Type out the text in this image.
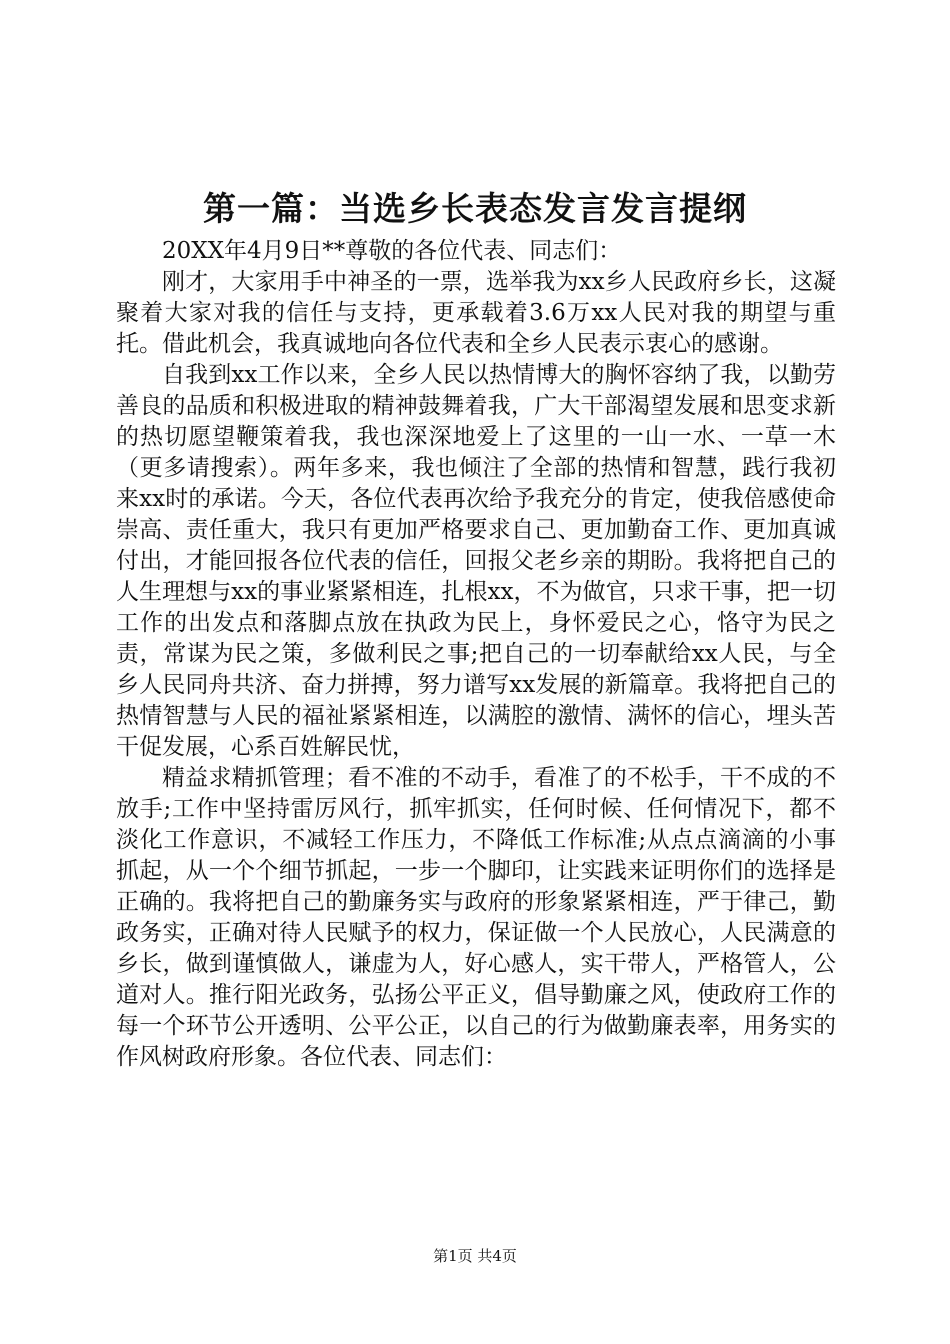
第一篇：当选乡长表态发言发言提纲

20XX年4月9日**尊敬的各位代表、同志们：

刚才，大家用手中神圣的一票，选举我为xx乡人民政府乡长，这凝聚着大家对我的信任与支持，更承载着3.6万xx人民对我的期望与重托。借此机会，我真诚地向各位代表和全乡人民表示衷心的感谢。

自我到xx工作以来，全乡人民以热情博大的胸怀容纳了我，以勤劳善良的品质和积极进取的精神鼓舞着我，广大干部渴望发展和思变求新的热切愿望鞭策着我，我也深深地爱上了这里的一山一水、一草一木（更多请搜索）。两年多来，我也倾注了全部的热情和智慧，践行我初来xx时的承诺。今天，各位代表再次给予我充分的肯定，使我倍感使命崇高、责任重大，我只有更加严格要求自己、更加勤奋工作、更加真诚付出，才能回报各位代表的信任，回报父老乡亲的期盼。我将把自己的人生理想与xx的事业紧紧相连，扎根xx，不为做官，只求干事，把一切工作的出发点和落脚点放在执政为民上，身怀爱民之心，恪守为民之责，常谋为民之策，多做利民之事;把自己的一切奉献给xx人民，与全乡人民同舟共济、奋力拼搏，努力谱写xx发展的新篇章。我将把自己的热情智慧与人民的福祉紧紧相连，以满腔的激情、满怀的信心，埋头苦干促发展，心系百姓解民忧，

精益求精抓管理；看不准的不动手，看准了的不松手，干不成的不放手;工作中坚持雷厉风行，抓牢抓实，任何时候、任何情况下，都不淡化工作意识，不减轻工作压力，不降低工作标准;从点点滴滴的小事抓起，从一个个细节抓起，一步一个脚印，让实践来证明你们的选择是正确的。我将把自己的勤廉务实与政府的形象紧紧相连，严于律己，勤政务实，正确对待人民赋予的权力，保证做一个人民放心，人民满意的乡长，做到谨慎做人，谦虚为人，好心感人，实干带人，严格管人，公道对人。推行阳光政务，弘扬公平正义，倡导勤廉之风，使政府工作的每一个环节公开透明、公平公正，以自己的行为做勤廉表率，用务实的作风树政府形象。各位代表、同志们：

第1页 共4页
